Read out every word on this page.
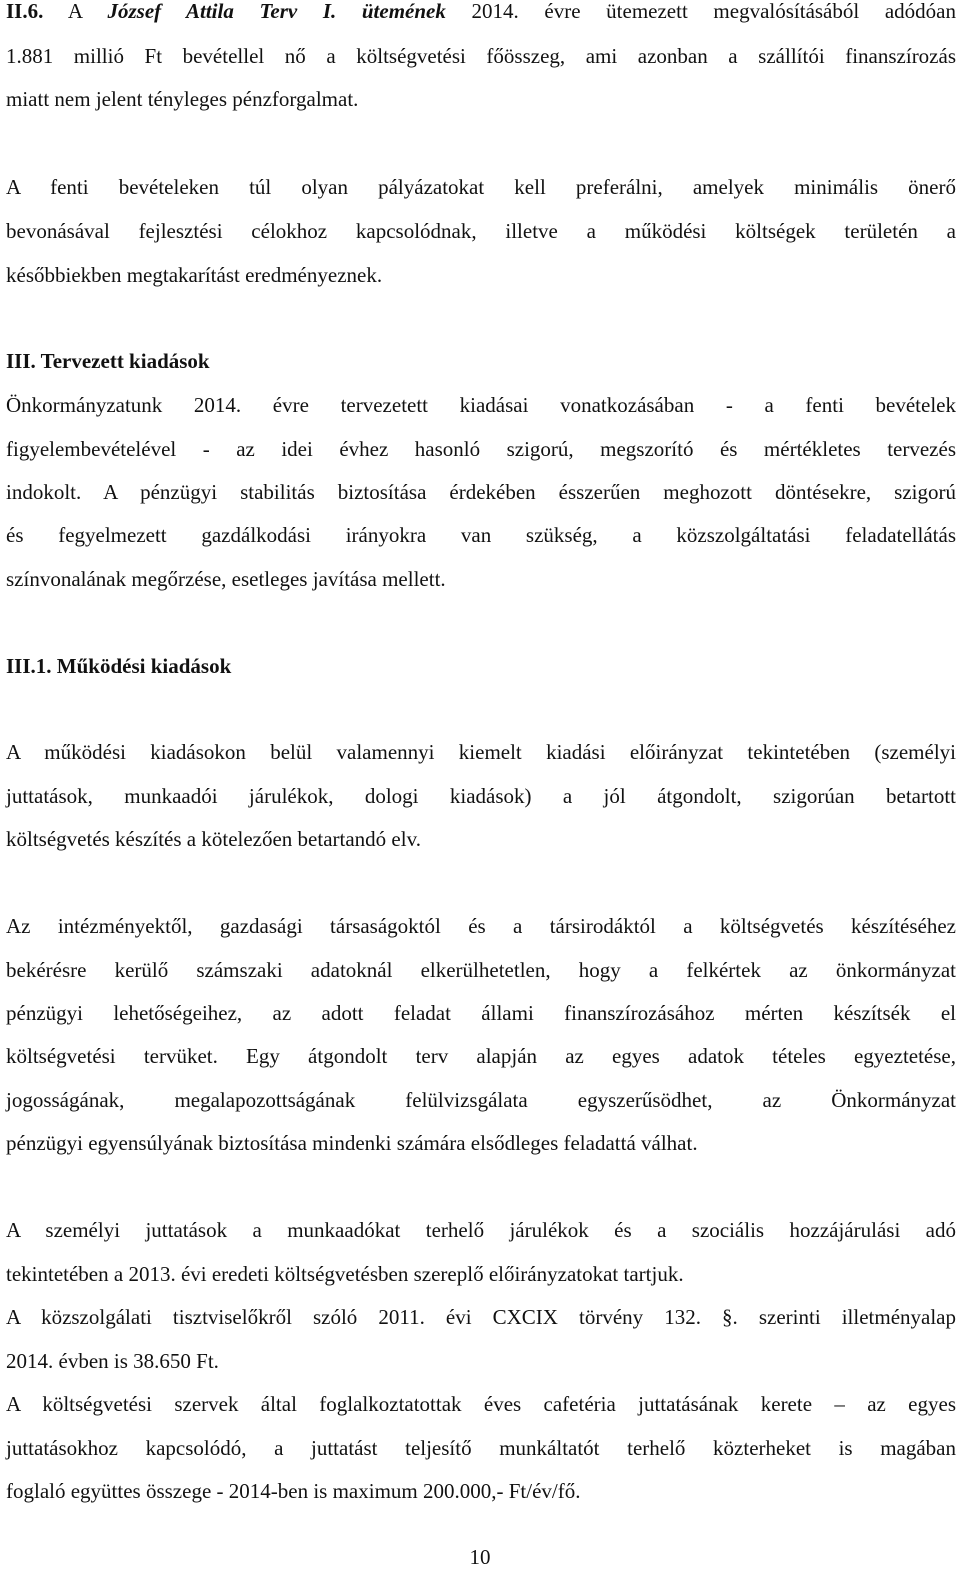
II.6. A József Attila Terv I. ütemének 2014. évre ütemezett megvalósításából adódóan
1.881 millió Ft bevétellel nő a költségvetési főösszeg, ami azonban a szállítói finanszírozás
miatt nem jelent tényleges pénzforgalmat.
A fenti bevételeken túl olyan pályázatokat kell preferálni, amelyek minimális önerő
bevonásával fejlesztési célokhoz kapcsolódnak, illetve a működési költségek területén a
későbbiekben megtakarítást eredményeznek.
III. Tervezett kiadások
Önkormányzatunk 2014. évre tervezetett kiadásai vonatkozásában - a fenti bevételek
figyelembevételével - az idei évhez hasonló szigorú, megszorító és mértékletes tervezés
indokolt. A pénzügyi stabilitás biztosítása érdekében ésszerűen meghozott döntésekre, szigorú
és fegyelmezett gazdálkodási irányokra van szükség, a közszolgáltatási feladatellátás
színvonalának megőrzése, esetleges javítása mellett.
III.1. Működési kiadások
A működési kiadásokon belül valamennyi kiemelt kiadási előirányzat tekintetében (személyi
juttatások, munkaadói járulékok, dologi kiadások) a jól átgondolt, szigorúan betartott
költségvetés készítés a kötelezően betartandó elv.
Az intézményektől, gazdasági társaságoktól és a társirodáktól a költségvetés készítéséhez
bekérésre kerülő számszaki adatoknál elkerülhetetlen, hogy a felkértek az önkormányzat
pénzügyi lehetőségeihez, az adott feladat állami finanszírozásához mérten készítsék el
költségvetési tervüket. Egy átgondolt terv alapján az egyes adatok tételes egyeztetése,
jogosságának, megalapozottságának felülvizsgálata egyszerűsödhet, az Önkormányzat
pénzügyi egyensúlyának biztosítása mindenki számára elsődleges feladattá válhat.
A személyi juttatások a munkaadókat terhelő járulékok és a szociális hozzájárulási adó
tekintetében a 2013. évi eredeti költségvetésben szereplő előirányzatokat tartjuk.
A közszolgálati tisztviselőkről szóló 2011. évi CXCIX törvény 132. §. szerinti illetményalap
2014. évben is 38.650 Ft.
A költségvetési szervek által foglalkoztatottak éves cafetéria juttatásának kerete – az egyes
juttatásokhoz kapcsolódó, a juttatást teljesítő munkáltatót terhelő közterheket is magában
foglaló együttes összege - 2014-ben is maximum 200.000,- Ft/év/fő.
10
